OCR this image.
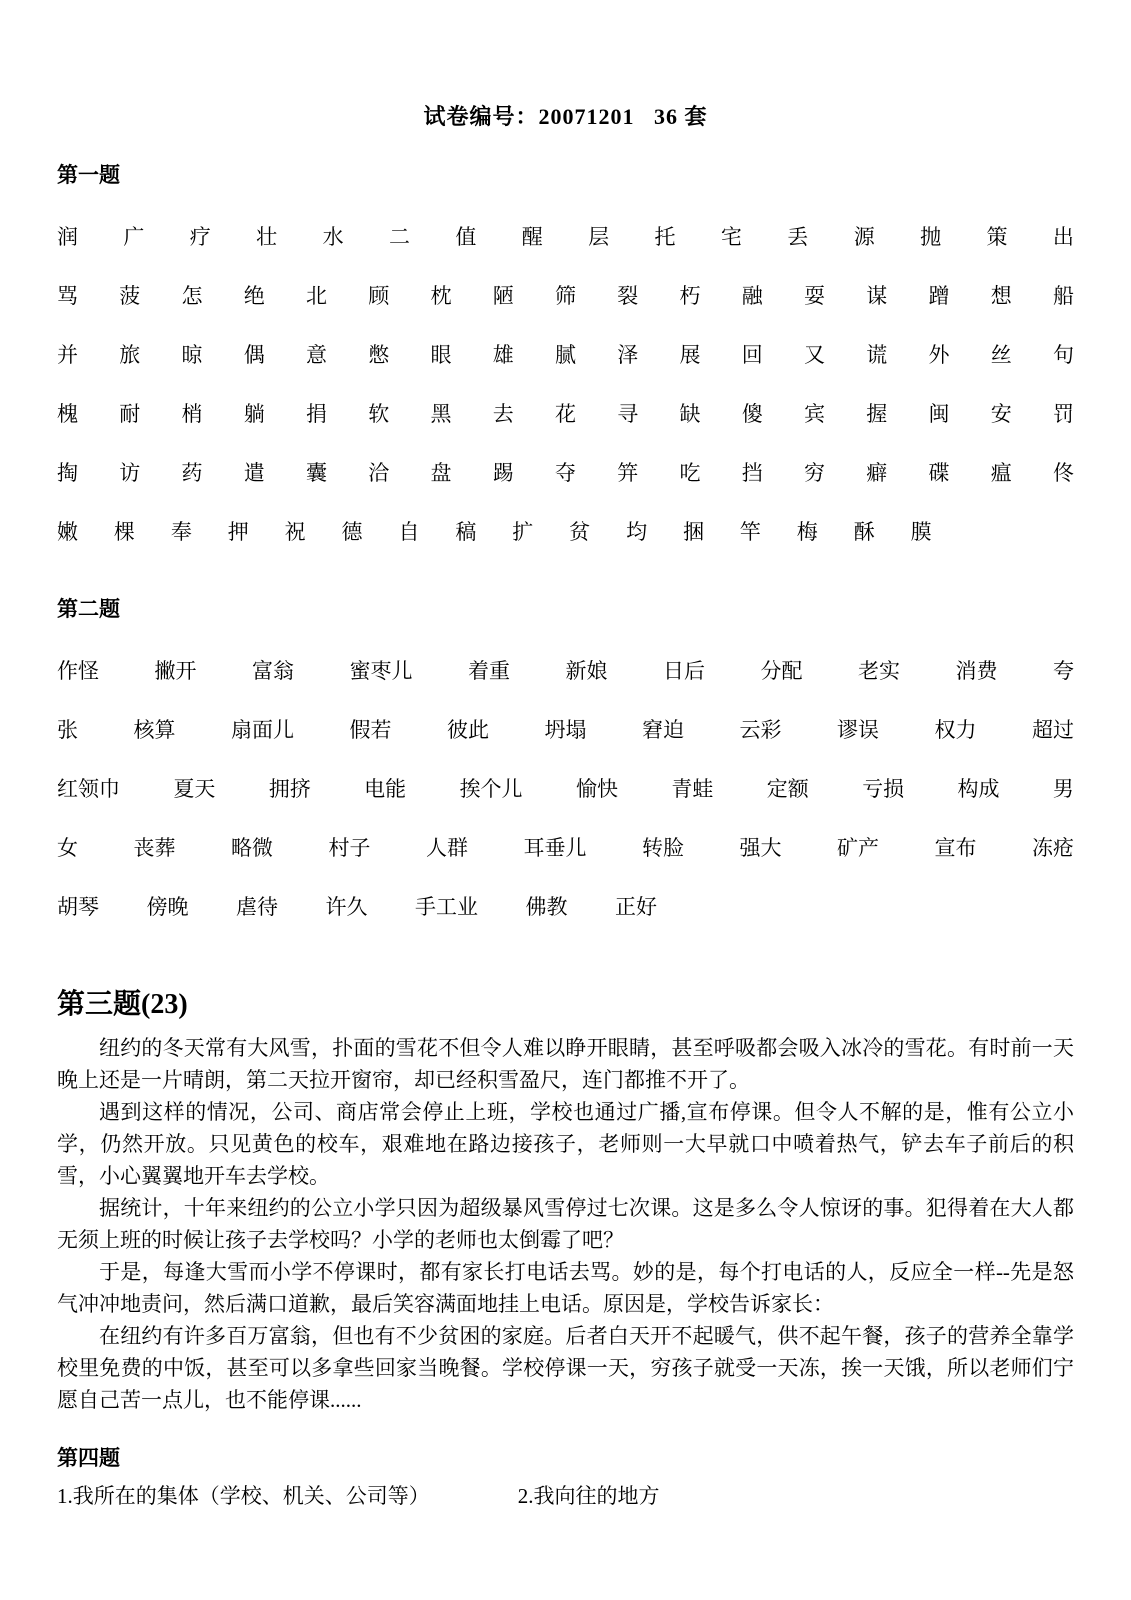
试卷编号：20071201   36 套
第一题
润 广 疗 壮 水 二 值 醒 层 托 宅 丢 源 抛 策 出
骂 菠 怎 绝 北 顾 枕 陋 筛 裂 朽 融 耍 谋 蹭 想 船
并 旅 晾 偶 意 憋 眼 雄 腻 泽 展 回 又 谎 外 丝 句
槐 耐 梢 躺 捐 软 黑 去 花 寻 缺 傻 宾 握 闽 安 罚
掏 访 药 遣 囊 洽 盘 踢 夺 笄 吃 挡 穷 癖 碟 瘟 佟
嫩 棵 奉 押 祝 德 自 稿 扩 贫 均 捆 竿 梅 酥 膜
第二题
作怪	撇开	富翁	蜜枣儿	着重	新娘	日后	分配	老实	消费	夸
张	核算	扇面儿	假若	彼此	坍塌	窘迫	云彩	谬误	权力	超过
红领巾	夏天	拥挤	电能	挨个儿	愉快	青蛙	定额	亏损	构成	男
女	丧葬	略微	村子	人群	耳垂儿	转脸	强大	矿产	宣布	冻疮
胡琴 傍晚 虐待 许久 手工业 佛教 正好
第三题(23)

纽约的冬天常有大风雪，扑面的雪花不但令人难以睁开眼睛，甚至呼吸都会吸入冰冷的雪花。有时前一天晚上还是一片晴朗，第二天拉开窗帘，却已经积雪盈尺，连门都推不开了。

遇到这样的情况，公司、商店常会停止上班，学校也通过广播,宣布停课。但令人不解的是，惟有公立小学，仍然开放。只见黄色的校车，艰难地在路边接孩子，老师则一大早就口中喷着热气，铲去车子前后的积雪，小心翼翼地开车去学校。

据统计，十年来纽约的公立小学只因为超级暴风雪停过七次课。这是多么令人惊讶的事。犯得着在大人都无须上班的时候让孩子去学校吗？小学的老师也太倒霉了吧？

于是，每逢大雪而小学不停课时，都有家长打电话去骂。妙的是，每个打电话的人，反应全一样--先是怒气冲冲地责问，然后满口道歉，最后笑容满面地挂上电话。原因是，学校告诉家长：

在纽约有许多百万富翁，但也有不少贫困的家庭。后者白天开不起暖气，供不起午餐，孩子的营养全靠学校里免费的中饭，甚至可以多拿些回家当晚餐。学校停课一天，穷孩子就受一天冻，挨一天饿，所以老师们宁愿自己苦一点儿，也不能停课......

第四题
1.我所在的集体（学校、机关、公司等）	2.我向往的地方
